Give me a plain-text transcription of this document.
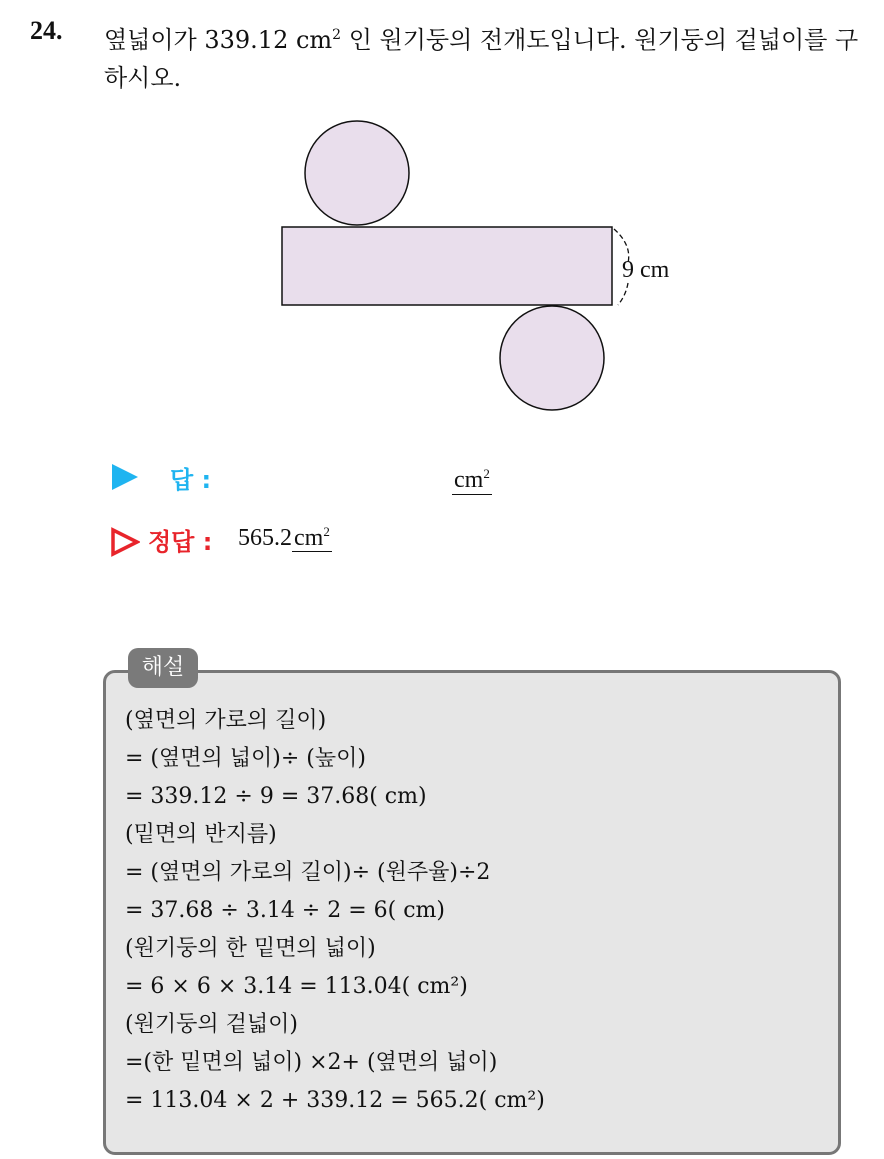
24. 옆넓이가 339.12 $cm^2$ 인 원기둥의 전개도입니다. 원기둥의 겉넓이를 구하시오.
9 cm
답 :	$cm^2$
정답 : $565.2cm^2$
해설
(옆면의 가로의 길이)
= (옆면의 넓이)÷ (높이)
= 339.12 ÷ 9 = 37.68( cm)
(밑면의 반지름)
= (옆면의 가로의 길이)÷ (원주율)÷2
= 37.68 ÷ 3.14 ÷ 2 = 6( cm)
(원기둥의 한 밑면의 넓이)
= 6 × 6 × 3.14 = 113.04( cm²)
(원기둥의 겉넓이)
=(한 밑면의 넓이) ×2+ (옆면의 넓이)
= 113.04 × 2 + 339.12 = 565.2( cm²)
